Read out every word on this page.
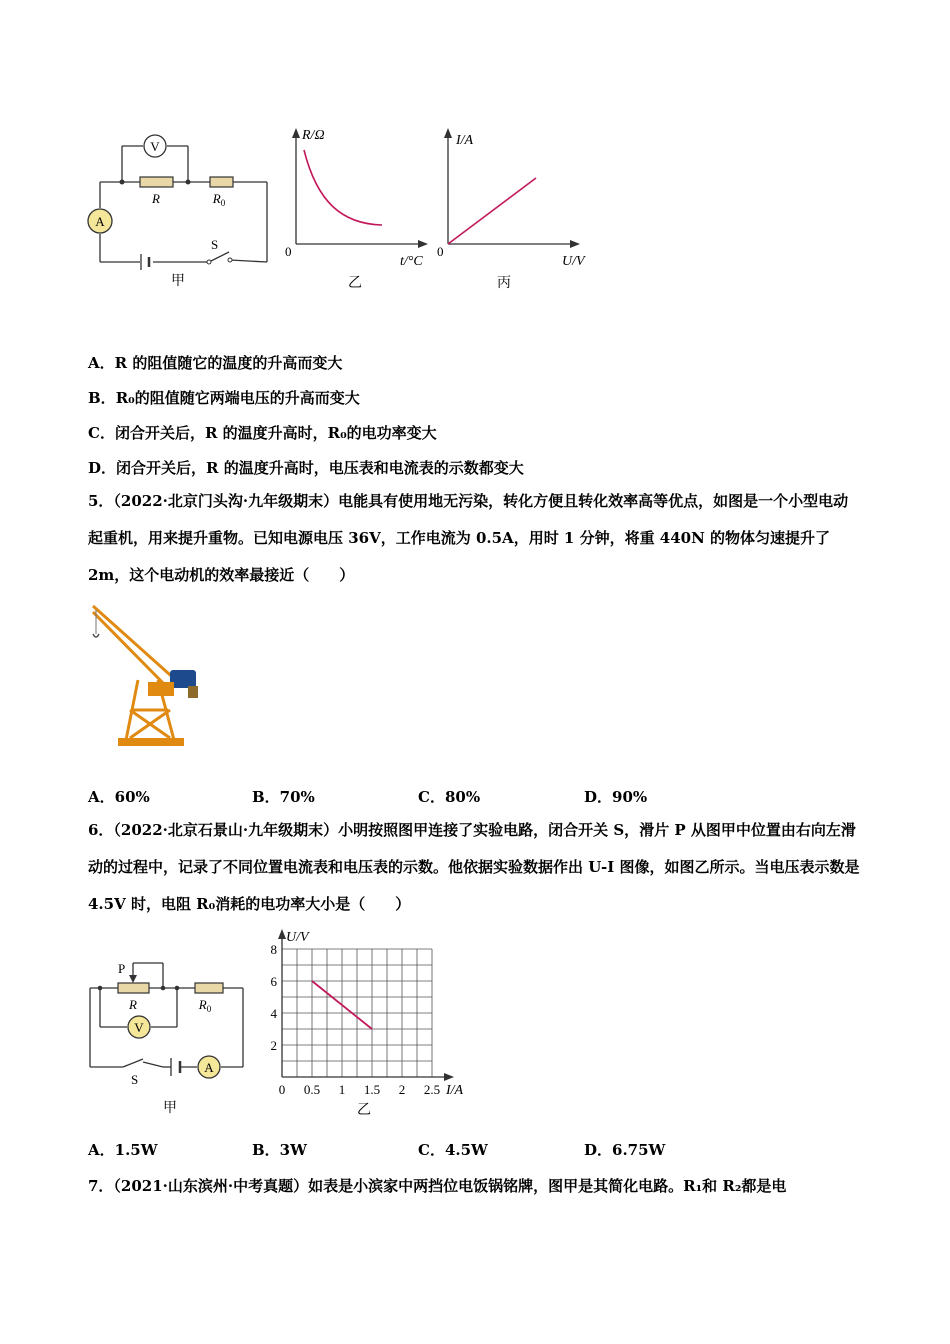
V
A
R	$R_0$
S
甲
R/Ω
0
t/°C
乙
I/A
0
U/V
丙
A．R 的阻值随它的温度的升高而变大
B．R₀的阻值随它两端电压的升高而变大
C．闭合开关后，R 的温度升高时，R₀的电功率变大
D．闭合开关后，R 的温度升高时，电压表和电流表的示数都变大
5．（2022·北京门头沟·九年级期末）电能具有使用地无污染，转化方便且转化效率高等优点，如图是一个小型电动起重机，用来提升重物。已知电源电压 36V，工作电流为 0.5A，用时 1 分钟，将重 440N 的物体匀速提升了 2m，这个电动机的效率最接近（　　）
A．60%	B．70%	C．80%	D．90%
6．（2022·北京石景山·九年级期末）小明按照图甲连接了实验电路，闭合开关 S，滑片 P 从图甲中位置由右向左滑动的过程中，记录了不同位置电流表和电压表的示数。他依据实验数据作出 U-I 图像，如图乙所示。当电压表示数是 4.5V 时，电阻 R₀消耗的电功率大小是（　　）
P
R	$R_0$
V
A
S
甲
0 0.5 1 1.5 2 2.5
2
4
6
8
U/V
I/A
乙
A．1.5W	B．3W	C．4.5W	D．6.75W
7．（2021·山东滨州·中考真题）如表是小滨家中两挡位电饭锅铭牌，图甲是其简化电路。R₁和 R₂都是电
